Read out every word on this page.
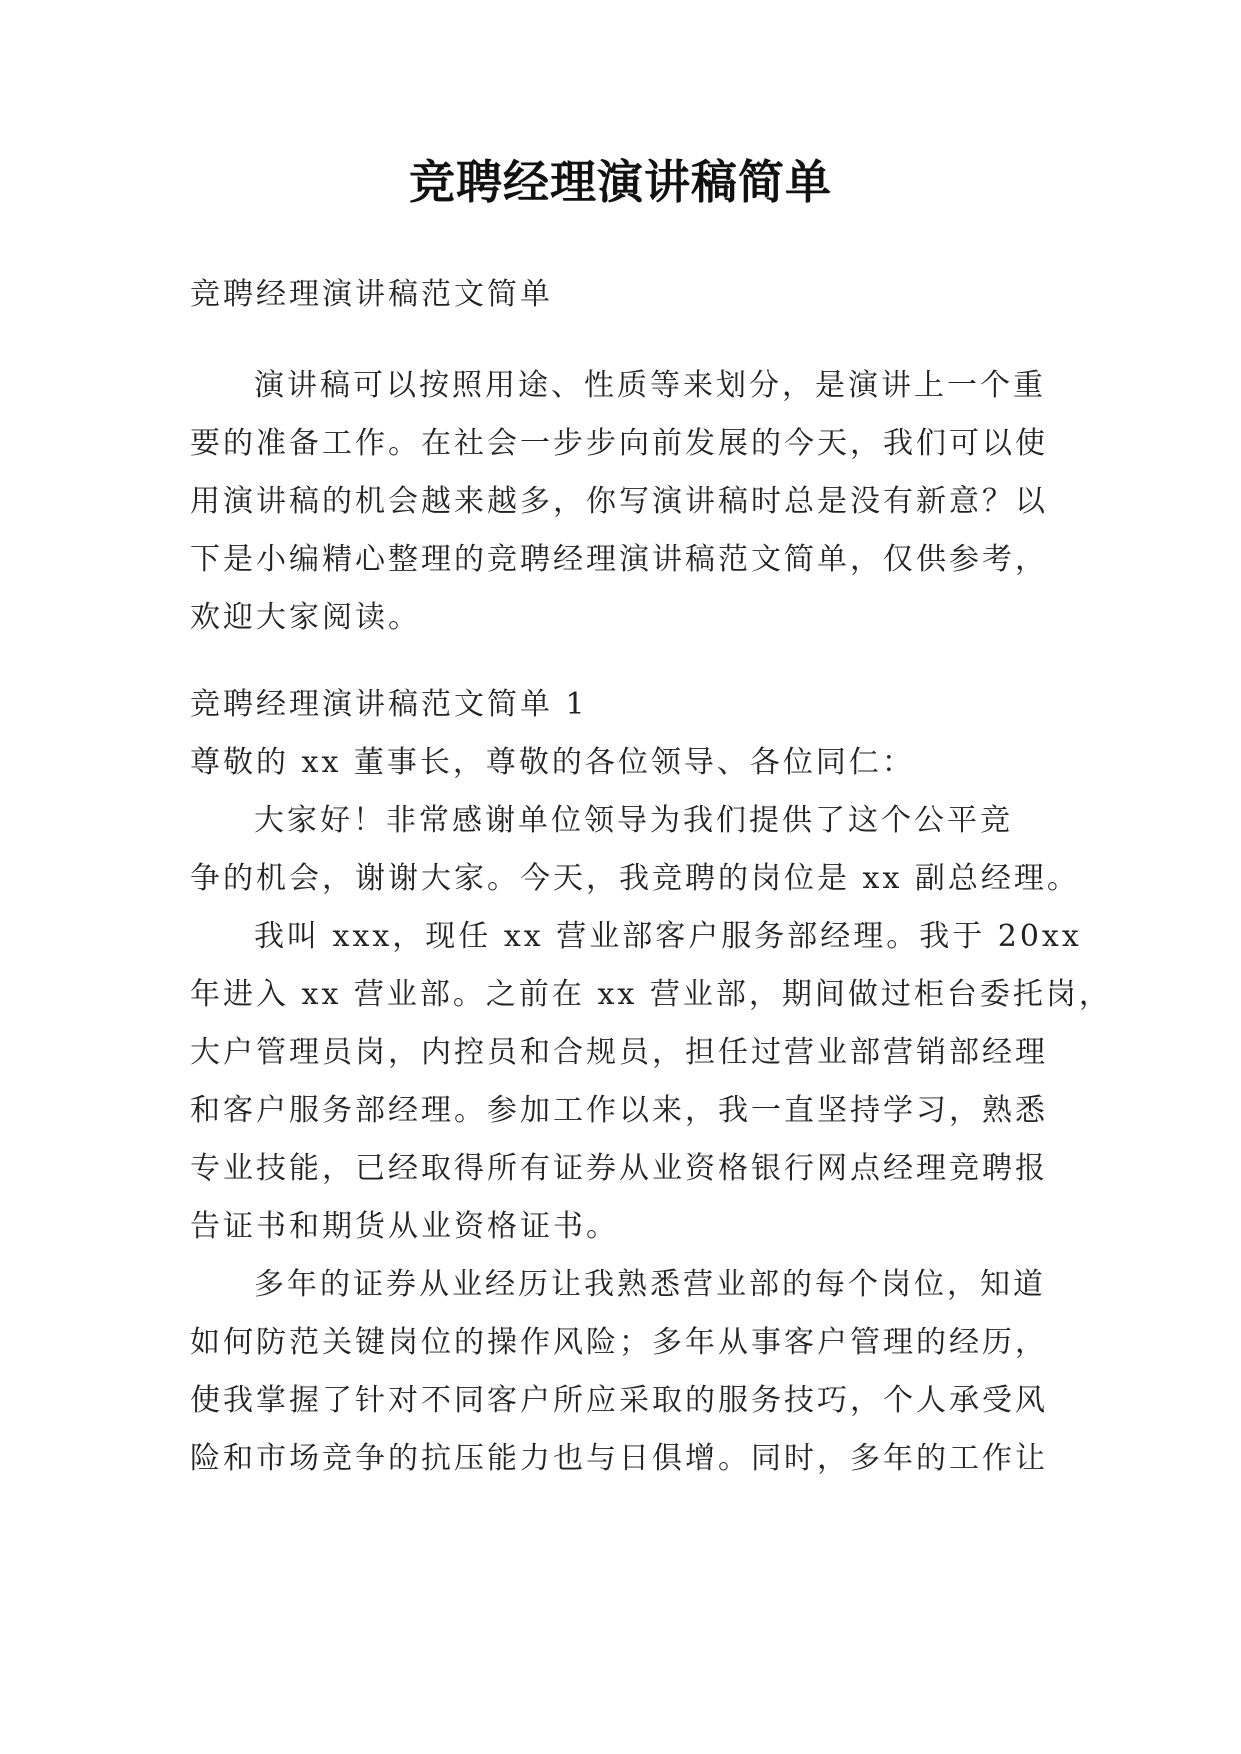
竞聘经理演讲稿简单
竞聘经理演讲稿范文简单
演讲稿可以按照用途、性质等来划分，是演讲上一个重
要的准备工作。在社会一步步向前发展的今天，我们可以使
用演讲稿的机会越来越多，你写演讲稿时总是没有新意？以
下是小编精心整理的竞聘经理演讲稿范文简单，仅供参考，
欢迎大家阅读。
竞聘经理演讲稿范文简单 1
尊敬的 xx 董事长，尊敬的各位领导、各位同仁：
大家好！非常感谢单位领导为我们提供了这个公平竞
争的机会，谢谢大家。今天，我竞聘的岗位是 xx 副总经理。
我叫 xxx，现任 xx 营业部客户服务部经理。我于 20xx
年进入 xx 营业部。之前在 xx 营业部，期间做过柜台委托岗，
大户管理员岗，内控员和合规员，担任过营业部营销部经理
和客户服务部经理。参加工作以来，我一直坚持学习，熟悉
专业技能，已经取得所有证券从业资格银行网点经理竞聘报
告证书和期货从业资格证书。
多年的证券从业经历让我熟悉营业部的每个岗位，知道
如何防范关键岗位的操作风险；多年从事客户管理的经历，
使我掌握了针对不同客户所应采取的服务技巧，个人承受风
险和市场竞争的抗压能力也与日俱增。同时，多年的工作让
